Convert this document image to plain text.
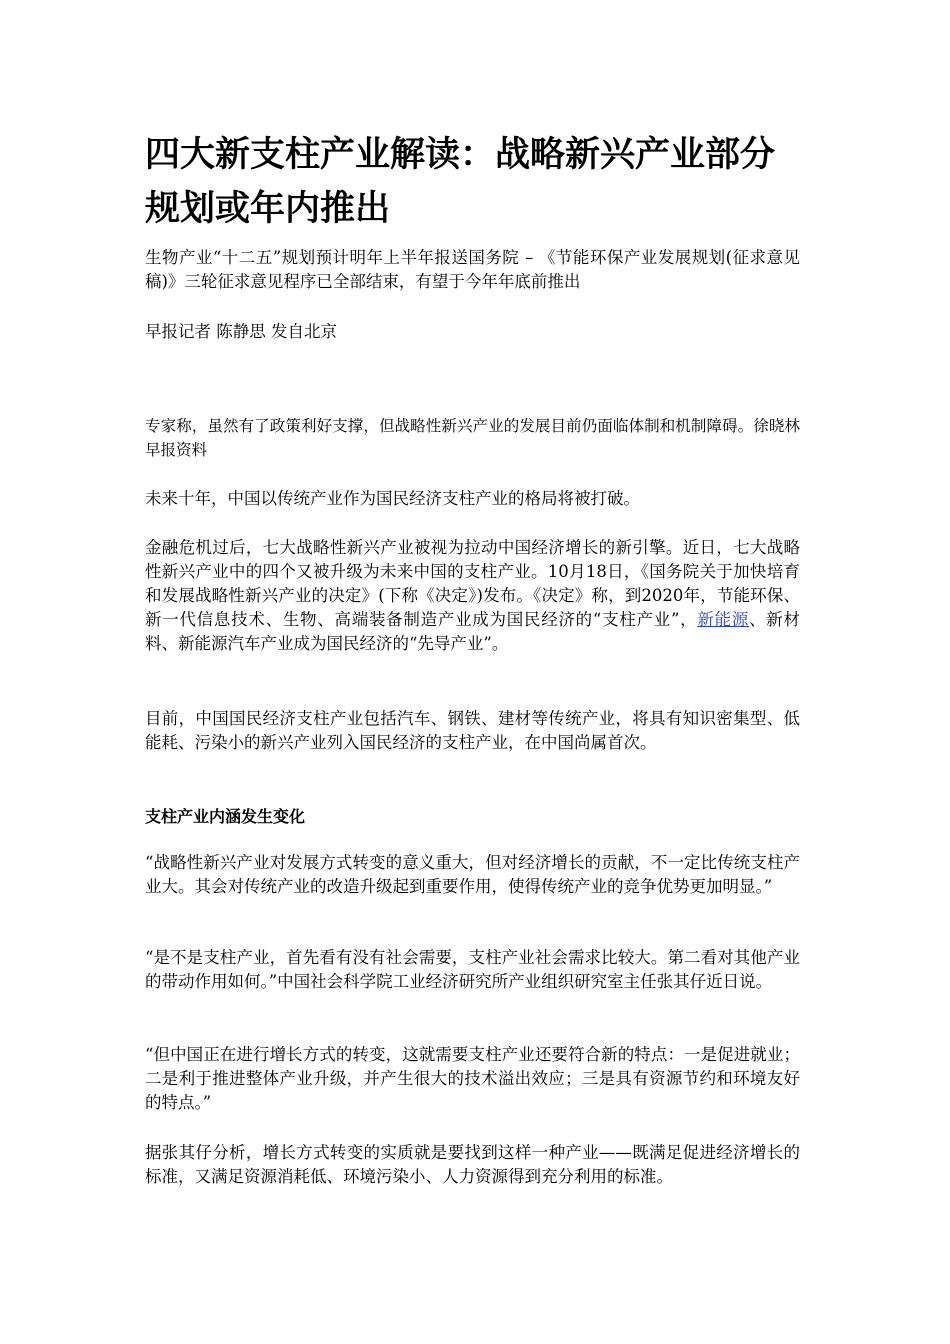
四大新支柱产业解读：战略新兴产业部分规划或年内推出

生物产业“十二五”规划预计明年上半年报送国务院 – 《节能环保产业发展规划(征求意见稿)》三轮征求意见程序已全部结束，有望于今年年底前推出

早报记者 陈静思 发自北京

专家称，虽然有了政策利好支撑，但战略性新兴产业的发展目前仍面临体制和机制障碍。徐晓林 早报资料

未来十年，中国以传统产业作为国民经济支柱产业的格局将被打破。

金融危机过后，七大战略性新兴产业被视为拉动中国经济增长的新引擎。近日，七大战略性新兴产业中的四个又被升级为未来中国的支柱产业。10月18日，《国务院关于加快培育和发展战略性新兴产业的决定》(下称《决定》)发布。《决定》称，到2020年，节能环保、新一代信息技术、生物、高端装备制造产业成为国民经济的“支柱产业”，新能源、新材料、新能源汽车产业成为国民经济的“先导产业”。

目前，中国国民经济支柱产业包括汽车、钢铁、建材等传统产业，将具有知识密集型、低能耗、污染小的新兴产业列入国民经济的支柱产业，在中国尚属首次。

支柱产业内涵发生变化

“战略性新兴产业对发展方式转变的意义重大，但对经济增长的贡献，不一定比传统支柱产业大。其会对传统产业的改造升级起到重要作用，使得传统产业的竞争优势更加明显。”

“是不是支柱产业，首先看有没有社会需要，支柱产业社会需求比较大。第二看对其他产业的带动作用如何。”中国社会科学院工业经济研究所产业组织研究室主任张其仔近日说。

“但中国正在进行增长方式的转变，这就需要支柱产业还要符合新的特点：一是促进就业；二是利于推进整体产业升级，并产生很大的技术溢出效应；三是具有资源节约和环境友好的特点。”

据张其仔分析，增长方式转变的实质就是要找到这样一种产业——既满足促进经济增长的标准，又满足资源消耗低、环境污染小、人力资源得到充分利用的标准。
